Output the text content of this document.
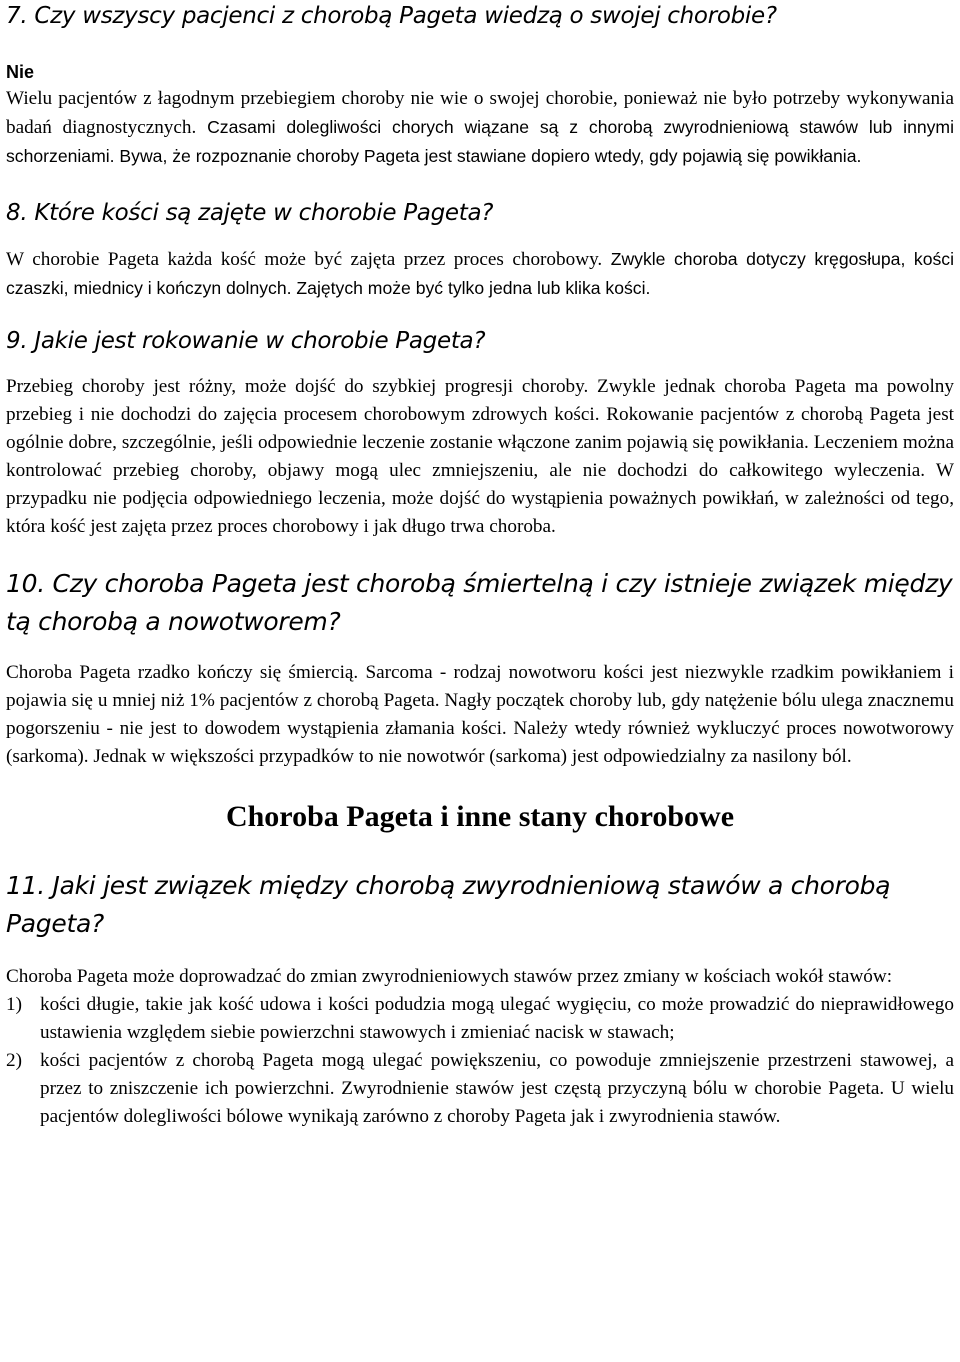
7. Czy wszyscy pacjenci z chorobą Pageta wiedzą o swojej chorobie?

Nie

Wielu pacjentów z łagodnym przebiegiem choroby nie wie o swojej chorobie, ponieważ nie było potrzeby wykonywania badań diagnostycznych. Czasami dolegliwości chorych wiązane są z chorobą zwyrodnieniową stawów lub innymi schorzeniami. Bywa, że rozpoznanie choroby Pageta jest stawiane dopiero wtedy, gdy pojawią się powikłania.

8. Które kości są zajęte w chorobie Pageta?

W chorobie Pageta każda kość może być zajęta przez proces chorobowy. Zwykle choroba dotyczy kręgosłupa, kości czaszki, miednicy i kończyn dolnych. Zajętych może być tylko jedna lub klika kości.

9. Jakie jest rokowanie w chorobie Pageta?

Przebieg choroby jest różny, może dojść do szybkiej progresji choroby. Zwykle jednak choroba Pageta ma powolny przebieg i nie dochodzi do zajęcia procesem chorobowym zdrowych kości. Rokowanie pacjentów z chorobą Pageta jest ogólnie dobre, szczególnie, jeśli odpowiednie leczenie zostanie włączone zanim pojawią się powikłania. Leczeniem można kontrolować przebieg choroby, objawy mogą ulec zmniejszeniu, ale nie dochodzi do całkowitego wyleczenia. W przypadku nie podjęcia odpowiedniego leczenia, może dojść do wystąpienia poważnych powikłań, w zależności od tego, która kość jest zajęta przez proces chorobowy i jak długo trwa choroba.

10. Czy choroba Pageta jest chorobą śmiertelną i czy istnieje związek między tą chorobą a nowotworem?

Choroba Pageta rzadko kończy się śmiercią. Sarcoma - rodzaj nowotworu kości jest niezwykle rzadkim powikłaniem i pojawia się u mniej niż 1% pacjentów z chorobą Pageta. Nagły początek choroby lub, gdy natężenie bólu ulega znacznemu pogorszeniu - nie jest to dowodem wystąpienia złamania kości. Należy wtedy również wykluczyć proces nowotworowy (sarkoma). Jednak w większości przypadków to nie nowotwór (sarkoma) jest odpowiedzialny za nasilony ból.

Choroba Pageta i inne stany chorobowe
11. Jaki jest związek między chorobą zwyrodnieniową stawów a chorobą Pageta?

Choroba Pageta może doprowadzać do zmian zwyrodnieniowych stawów przez zmiany w kościach wokół stawów:

1) kości długie, takie jak kość udowa i kości podudzia mogą ulegać wygięciu, co może prowadzić do nieprawidłowego ustawienia względem siebie powierzchni stawowych i zmieniać nacisk w stawach;
2) kości pacjentów z chorobą Pageta mogą ulegać powiększeniu, co powoduje zmniejszenie przestrzeni stawowej, a przez to zniszczenie ich powierzchni. Zwyrodnienie stawów jest częstą przyczyną bólu w chorobie Pageta. U wielu pacjentów dolegliwości bólowe wynikają zarówno z choroby Pageta jak i zwyrodnienia stawów.
